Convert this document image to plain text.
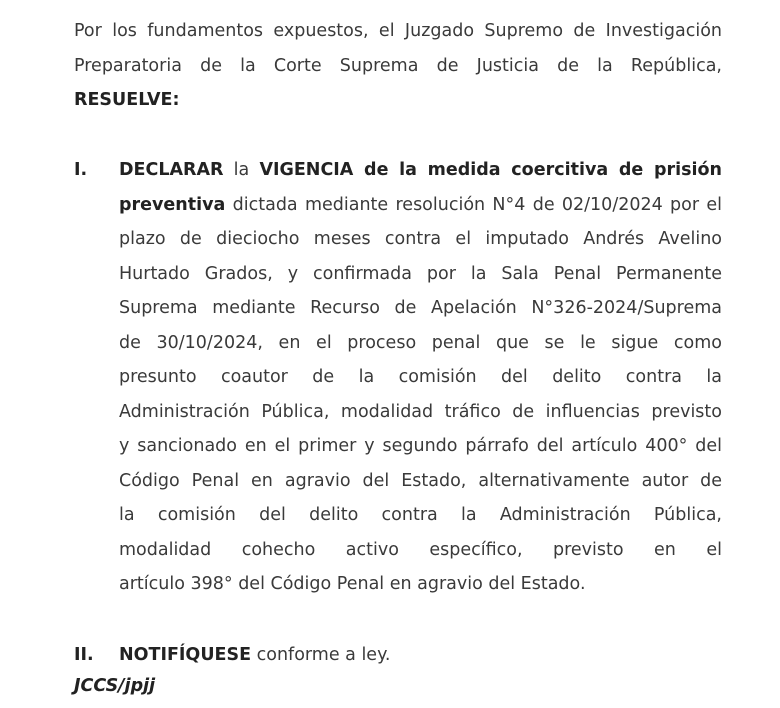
Por los fundamentos expuestos, el Juzgado Supremo de Investigación
Preparatoria de la Corte Suprema de Justicia de la República,
RESUELVE:
I. DECLARAR la VIGENCIA de la medida coercitiva de prisión
preventiva dictada mediante resolución N°4 de 02/10/2024 por el
plazo de dieciocho meses contra el imputado Andrés Avelino
Hurtado Grados, y confirmada por la Sala Penal Permanente
Suprema mediante Recurso de Apelación N°326-2024/Suprema
de 30/10/2024, en el proceso penal que se le sigue como
presunto coautor de la comisión del delito contra la
Administración Pública, modalidad tráfico de influencias previsto
y sancionado en el primer y segundo párrafo del artículo 400° del
Código Penal en agravio del Estado, alternativamente autor de
la comisión del delito contra la Administración Pública,
modalidad cohecho activo específico, previsto en el
artículo 398° del Código Penal en agravio del Estado.
II. NOTIFÍQUESE conforme a ley.
JCCS/jpjj
